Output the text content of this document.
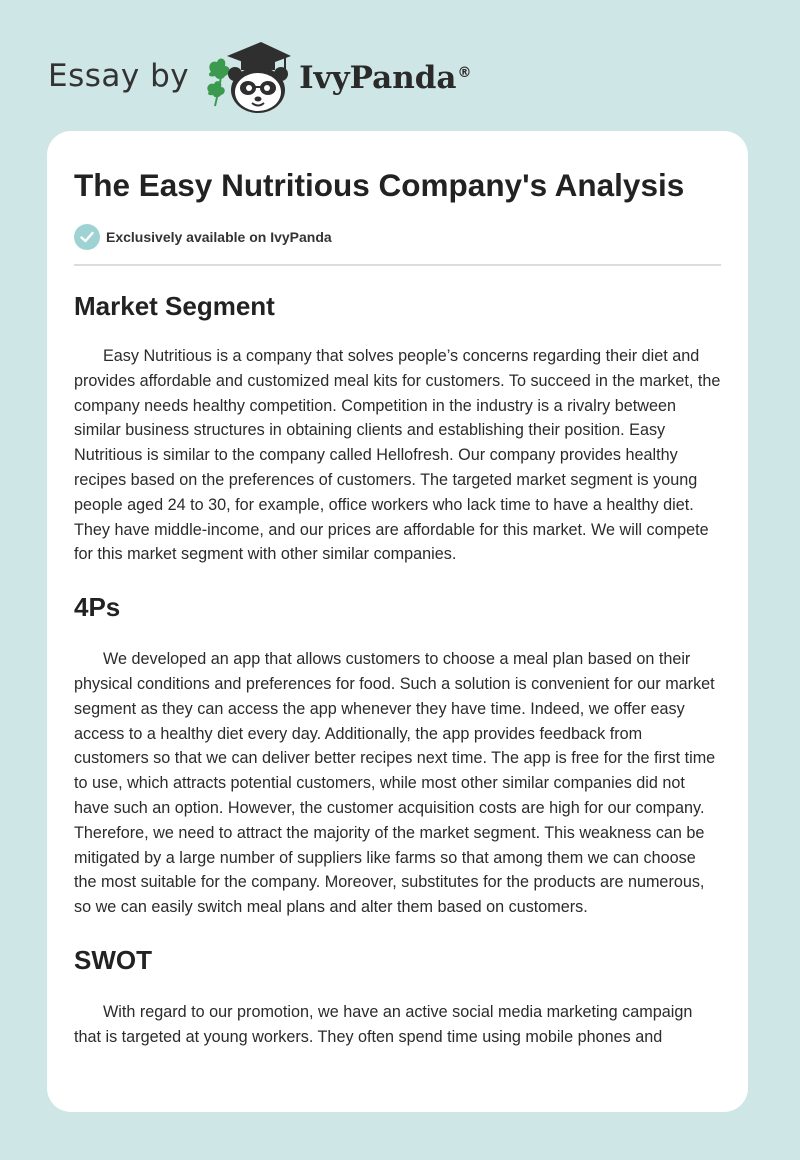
Essay by	IvyPanda®
The Easy Nutritious Company's Analysis
Exclusively available on IvyPanda
Market Segment

Easy Nutritious is a company that solves people’s concerns regarding their diet and provides affordable and customized meal kits for customers. To succeed in the market, the company needs healthy competition. Competition in the industry is a rivalry between similar business structures in obtaining clients and establishing their position. Easy Nutritious is similar to the company called Hellofresh. Our company provides healthy recipes based on the preferences of customers. The targeted market segment is young people aged 24 to 30, for example, office workers who lack time to have a healthy diet. They have middle-income, and our prices are affordable for this market. We will compete for this market segment with other similar companies.

4Ps

We developed an app that allows customers to choose a meal plan based on their physical conditions and preferences for food. Such a solution is convenient for our market segment as they can access the app whenever they have time. Indeed, we offer easy access to a healthy diet every day. Additionally, the app provides feedback from customers so that we can deliver better recipes next time. The app is free for the first time to use, which attracts potential customers, while most other similar companies did not have such an option. However, the customer acquisition costs are high for our company. Therefore, we need to attract the majority of the market segment. This weakness can be mitigated by a large number of suppliers like farms so that among them we can choose the most suitable for the company. Moreover, substitutes for the products are numerous, so we can easily switch meal plans and alter them based on customers.

SWOT

With regard to our promotion, we have an active social media marketing campaign that is targeted at young workers. They often spend time using mobile phones and
